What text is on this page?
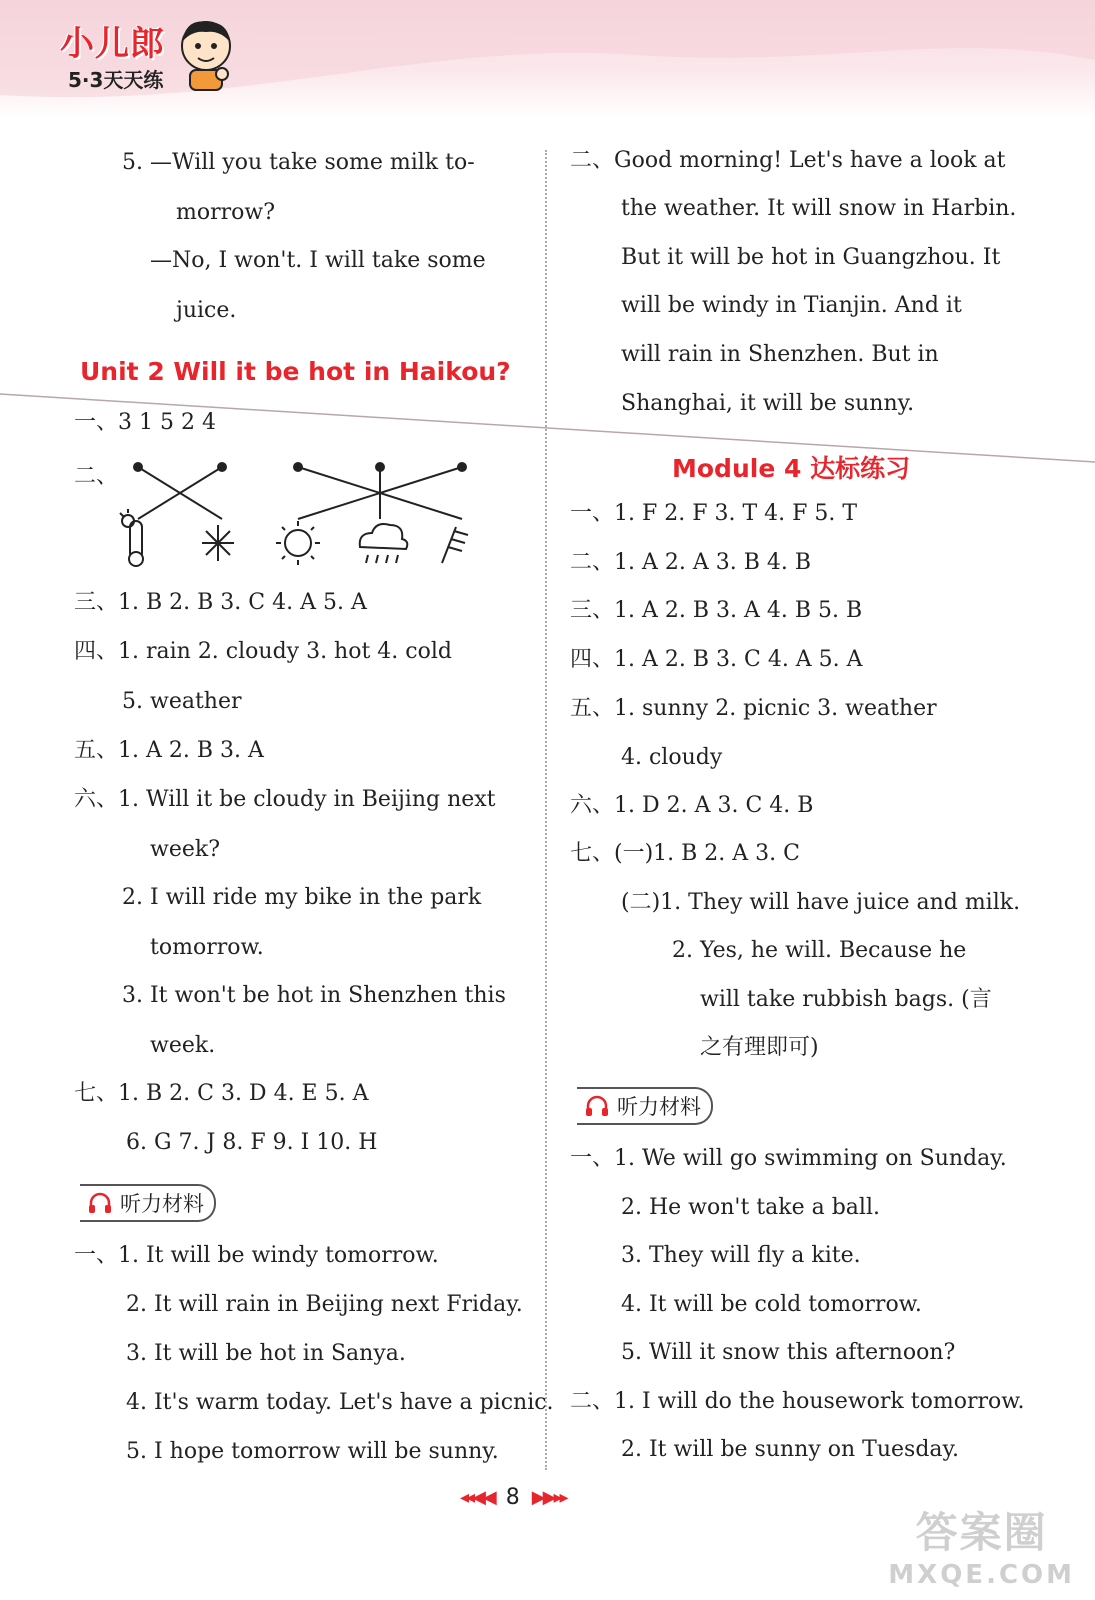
小儿郎
5·3天天练
5. —Will you take some milk to-
morrow?
—No, I won't. I will take some
juice.
Unit 2 Will it be hot in Haikou?
一、3 1 5 2 4
二、
三、1. B 2. B 3. C 4. A 5. A
四、1. rain 2. cloudy 3. hot 4. cold
5. weather
五、1. A 2. B 3. A
六、1. Will it be cloudy in Beijing next
week?
2. I will ride my bike in the park
tomorrow.
3. It won't be hot in Shenzhen this
week.
七、1. B 2. C 3. D 4. E 5. A
6. G 7. J 8. F 9. I 10. H
听力材料
一、1. It will be windy tomorrow.
2. It will rain in Beijing next Friday.
3. It will be hot in Sanya.
4. It's warm today. Let's have a picnic.
5. I hope tomorrow will be sunny.
二、Good morning! Let's have a look at
the weather. It will snow in Harbin.
But it will be hot in Guangzhou. It
will be windy in Tianjin. And it
will rain in Shenzhen. But in
Shanghai, it will be sunny.
Module 4 达标练习
一、1. F 2. F 3. T 4. F 5. T
二、1. A 2. A 3. B 4. B
三、1. A 2. B 3. A 4. B 5. B
四、1. A 2. B 3. C 4. A 5. A
五、1. sunny 2. picnic 3. weather
4. cloudy
六、1. D 2. A 3. C 4. B
七、(一)1. B 2. A 3. C
(二)1. They will have juice and milk.
2. Yes, he will. Because he
will take rubbish bags. (言
之有理即可)
听力材料
一、1. We will go swimming on Sunday.
2. He won't take a ball.
3. They will fly a kite.
4. It will be cold tomorrow.
5. Will it snow this afternoon?
二、1. I will do the housework tomorrow.
2. It will be sunny on Tuesday.
◂◂◀◀ 8 ▶▶▸▸
答案圈
MXQE.COM
